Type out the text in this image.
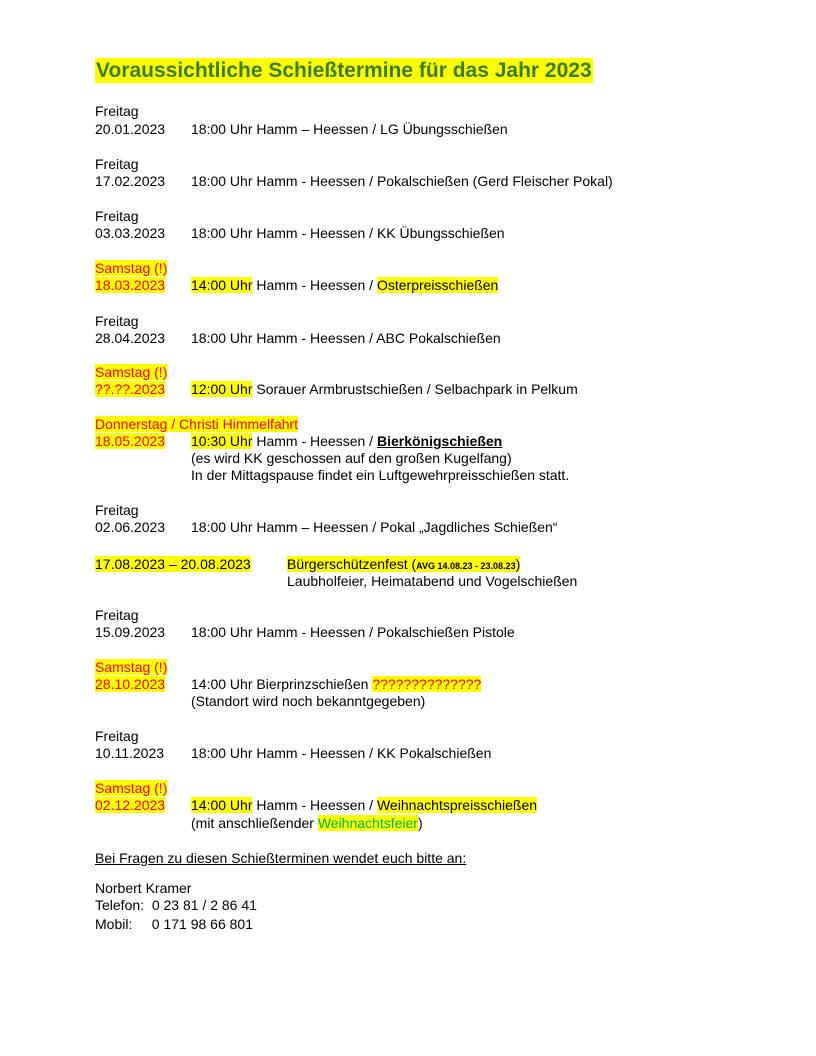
Voraussichtliche Schießtermine für das Jahr 2023
Freitag
20.01.2023 18:00 Uhr Hamm – Heessen / LG Übungsschießen
Freitag
17.02.2023 18:00 Uhr Hamm - Heessen / Pokalschießen (Gerd Fleischer Pokal)
Freitag
03.03.2023 18:00 Uhr Hamm - Heessen / KK Übungsschießen
Samstag (!)
18.03.2023 14:00 Uhr Hamm - Heessen / Osterpreisschießen
Freitag
28.04.2023 18:00 Uhr Hamm - Heessen / ABC Pokalschießen
Samstag (!)
??.??.2023 12:00 Uhr Sorauer Armbrustschießen / Selbachpark in Pelkum
Donnerstag / Christi Himmelfahrt
18.05.2023 10:30 Uhr Hamm - Heessen / Bierkönigschießen
(es wird KK geschossen auf den großen Kugelfang)
In der Mittagspause findet ein Luftgewehrpreisschießen statt.
Freitag
02.06.2023 18:00 Uhr Hamm – Heessen / Pokal „Jagdliches Schießen“
17.08.2023 – 20.08.2023	Bürgerschützenfest (AVG 14.08.23 - 23.08.23)
Laubholfeier, Heimatabend und Vogelschießen
Freitag
15.09.2023 18:00 Uhr Hamm - Heessen / Pokalschießen Pistole
Samstag (!)
28.10.2023 14:00 Uhr Bierprinzschießen ??????????????
(Standort wird noch bekanntgegeben)
Freitag
10.11.2023 18:00 Uhr Hamm - Heessen / KK Pokalschießen
Samstag (!)
02.12.2023 14:00 Uhr Hamm - Heessen / Weihnachtspreisschießen
(mit anschließender Weihnachtsfeier)
Bei Fragen zu diesen Schießterminen wendet euch bitte an:
Norbert Kramer
Telefon:  0 23 81 / 2 86 41
Mobil:     0 171 98 66 801
